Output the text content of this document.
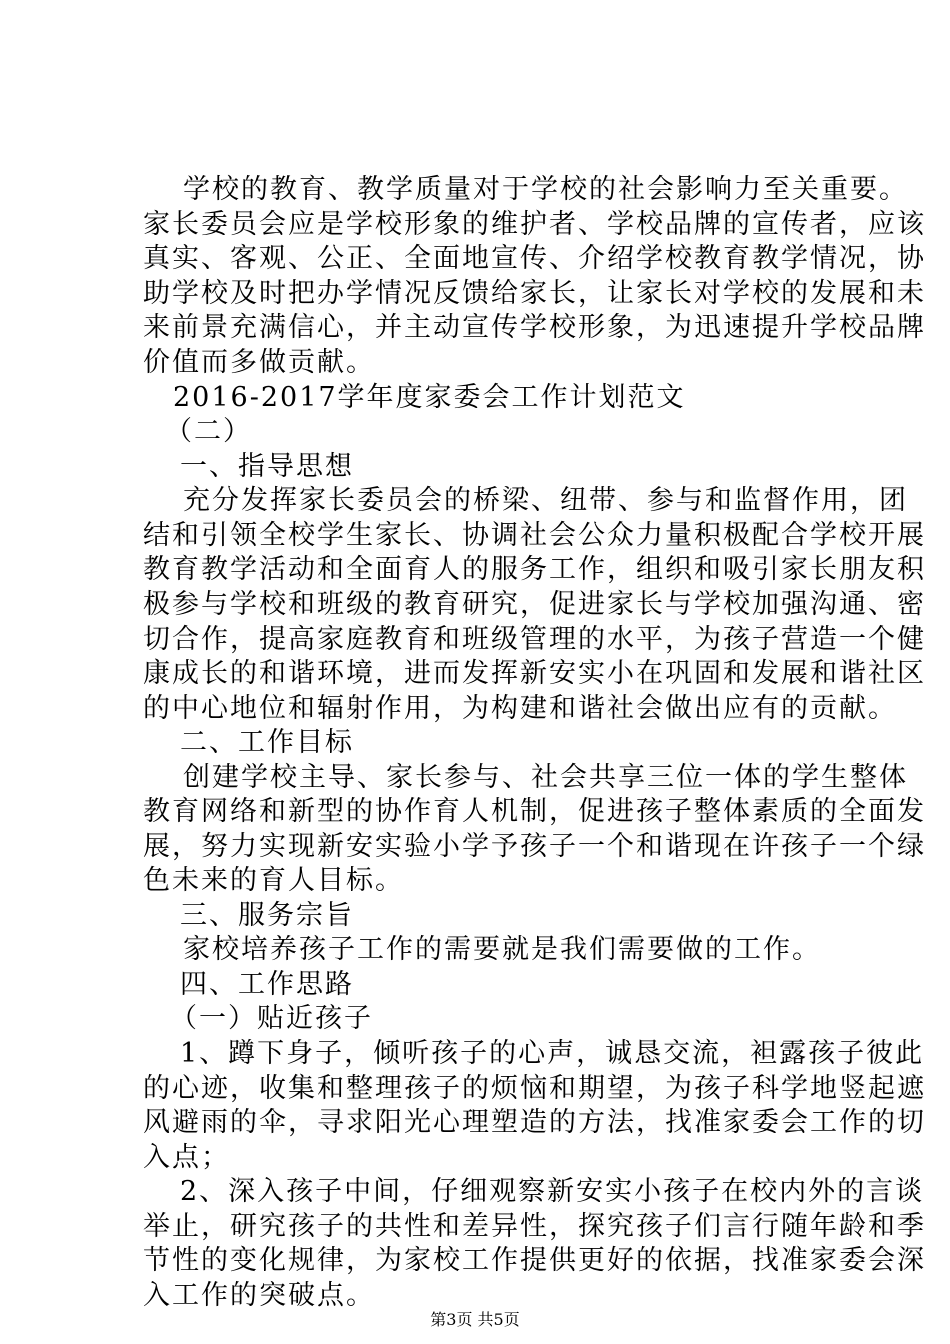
学校的教育、教学质量对于学校的社会影响力至关重要。
家长委员会应是学校形象的维护者、学校品牌的宣传者，应该
真实、客观、公正、全面地宣传、介绍学校教育教学情况，协
助学校及时把办学情况反馈给家长，让家长对学校的发展和未
来前景充满信心，并主动宣传学校形象，为迅速提升学校品牌
价值而多做贡献。
2016-2017学年度家委会工作计划范文
（二）
一、指导思想
充分发挥家长委员会的桥梁、纽带、参与和监督作用，团
结和引领全校学生家长、协调社会公众力量积极配合学校开展
教育教学活动和全面育人的服务工作，组织和吸引家长朋友积
极参与学校和班级的教育研究，促进家长与学校加强沟通、密
切合作，提高家庭教育和班级管理的水平，为孩子营造一个健
康成长的和谐环境，进而发挥新安实小在巩固和发展和谐社区
的中心地位和辐射作用，为构建和谐社会做出应有的贡献。
二、工作目标
创建学校主导、家长参与、社会共享三位一体的学生整体
教育网络和新型的协作育人机制，促进孩子整体素质的全面发
展，努力实现新安实验小学予孩子一个和谐现在许孩子一个绿
色未来的育人目标。
三、服务宗旨
家校培养孩子工作的需要就是我们需要做的工作。
四、工作思路
（一）贴近孩子
1、蹲下身子，倾听孩子的心声，诚恳交流，袒露孩子彼此
的心迹，收集和整理孩子的烦恼和期望，为孩子科学地竖起遮
风避雨的伞，寻求阳光心理塑造的方法，找准家委会工作的切
入点；
2、深入孩子中间，仔细观察新安实小孩子在校内外的言谈
举止，研究孩子的共性和差异性，探究孩子们言行随年龄和季
节性的变化规律，为家校工作提供更好的依据，找准家委会深
入工作的突破点。
第3页 共5页
